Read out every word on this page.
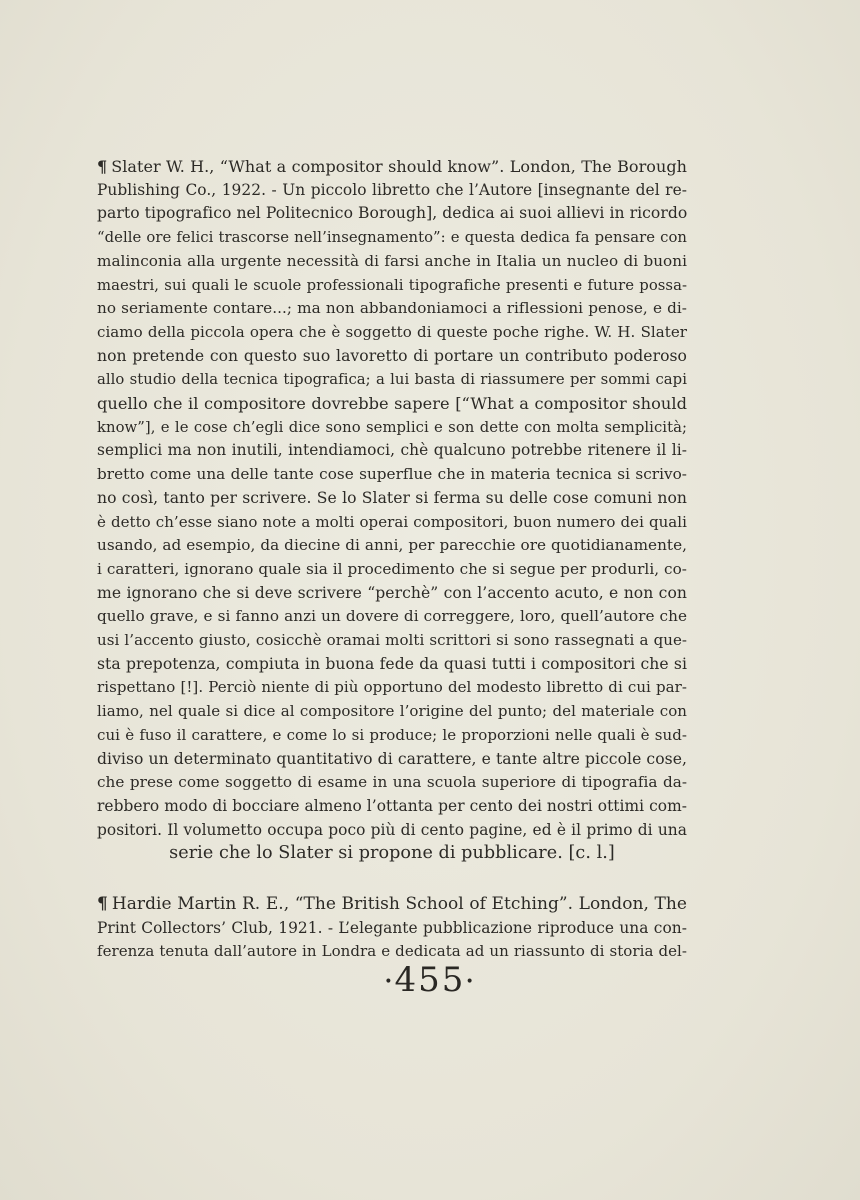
¶ Slater W. H., “What a compositor should know”. London, The Borough
Publishing Co., 1922. - Un piccolo libretto che l’Autore [insegnante del re-
parto tipografico nel Politecnico Borough], dedica ai suoi allievi in ricordo
“delle ore felici trascorse nell’insegnamento”: e questa dedica fa pensare con
malinconia alla urgente necessità di farsi anche in Italia un nucleo di buoni
maestri, sui quali le scuole professionali tipografiche presenti e future possa-
no seriamente contare...; ma non abbandoniamoci a riflessioni penose, e di-
ciamo della piccola opera che è soggetto di queste poche righe. W. H. Slater
non pretende con questo suo lavoretto di portare un contributo poderoso
allo studio della tecnica tipografica; a lui basta di riassumere per sommi capi
quello che il compositore dovrebbe sapere [“What a compositor should
know”], e le cose ch’egli dice sono semplici e son dette con molta semplicità;
semplici ma non inutili, intendiamoci, chè qualcuno potrebbe ritenere il li-
bretto come una delle tante cose superflue che in materia tecnica si scrivo-
no così, tanto per scrivere. Se lo Slater si ferma su delle cose comuni non
è detto ch’esse siano note a molti operai compositori, buon numero dei quali
usando, ad esempio, da diecine di anni, per parecchie ore quotidianamente,
i caratteri, ignorano quale sia il procedimento che si segue per produrli, co-
me ignorano che si deve scrivere “perchè” con l’accento acuto, e non con
quello grave, e si fanno anzi un dovere di correggere, loro, quell’autore che
usi l’accento giusto, cosicchè oramai molti scrittori si sono rassegnati a que-
sta prepotenza, compiuta in buona fede da quasi tutti i compositori che si
rispettano [!]. Perciò niente di più opportuno del modesto libretto di cui par-
liamo, nel quale si dice al compositore l’origine del punto; del materiale con
cui è fuso il carattere, e come lo si produce; le proporzioni nelle quali è sud-
diviso un determinato quantitativo di carattere, e tante altre piccole cose,
che prese come soggetto di esame in una scuola superiore di tipografia da-
rebbero modo di bocciare almeno l’ottanta per cento dei nostri ottimi com-
positori. Il volumetto occupa poco più di cento pagine, ed è il primo di una
serie che lo Slater si propone di pubblicare. [c. l.]
¶ Hardie Martin R. E., “The British School of Etching”. London, The
Print Collectors’ Club, 1921. - L’elegante pubblicazione riproduce una con-
ferenza tenuta dall’autore in Londra e dedicata ad un riassunto di storia del-
•455•
